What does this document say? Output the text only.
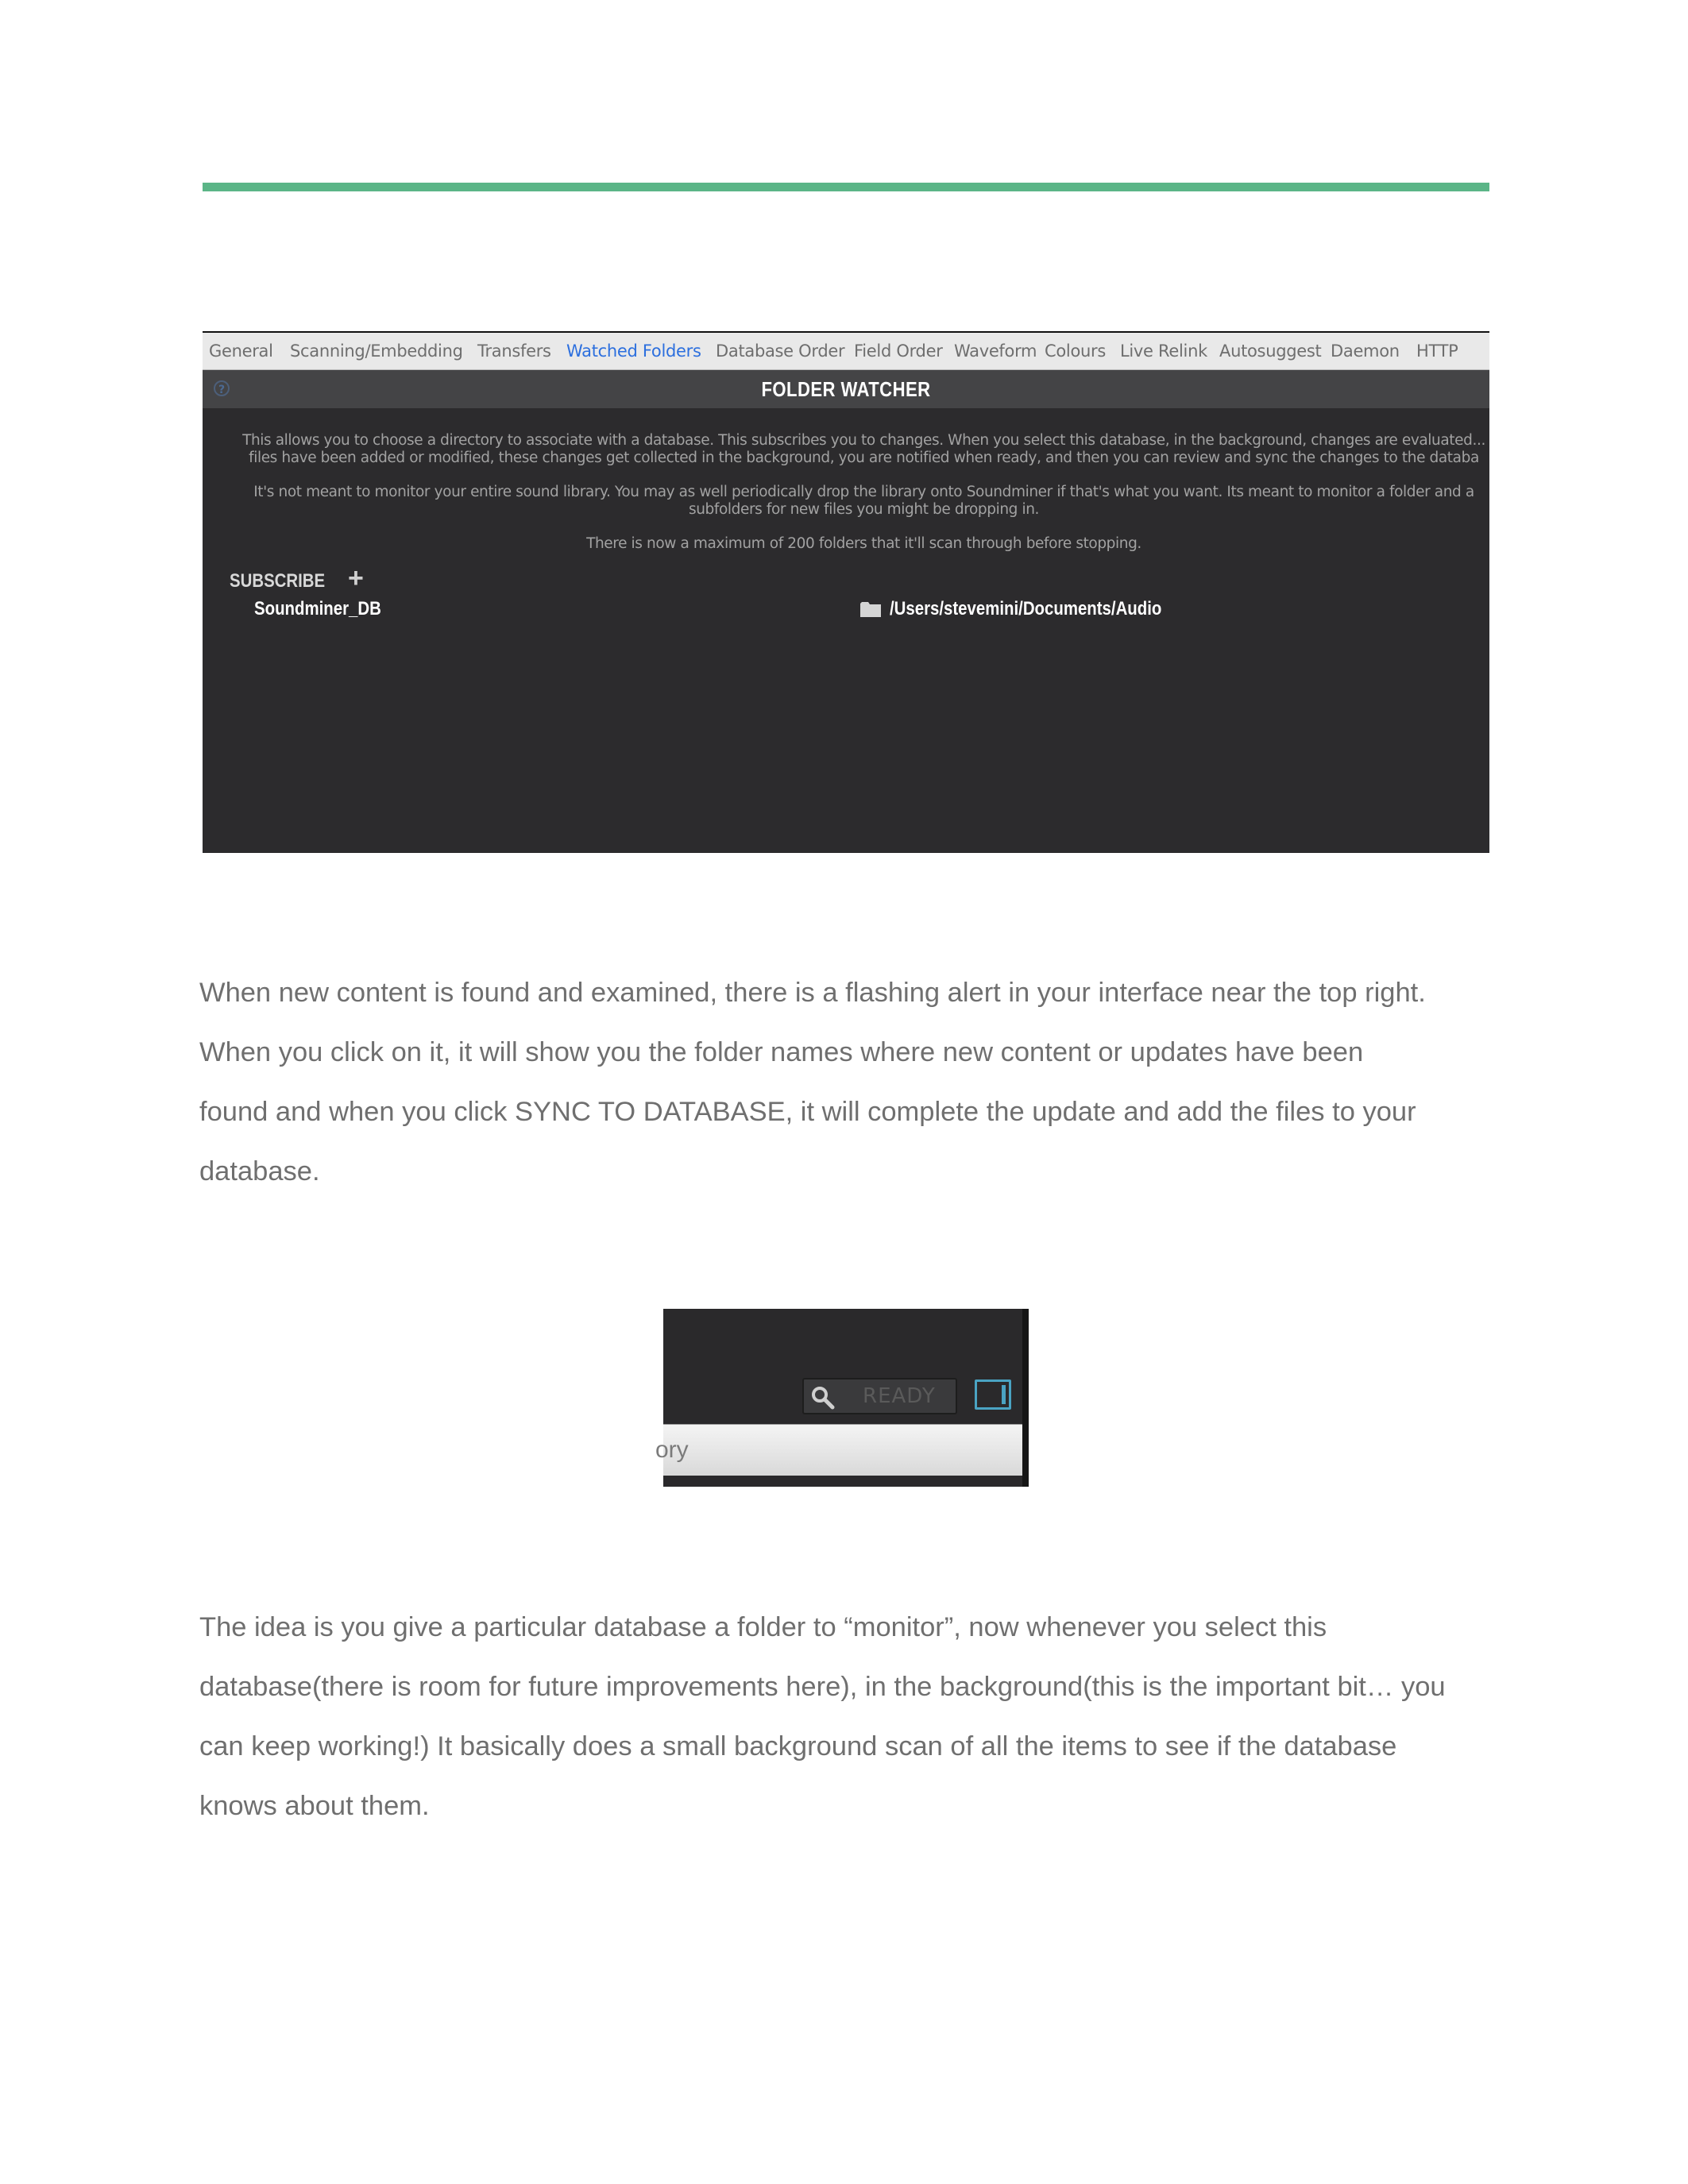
General Scanning/Embedding Transfers Watched Folders Database Order Field Order Waveform Colours Live Relink Autosuggest Daemon HTTP
?	FOLDER WATCHER
This allows you to choose a directory to associate with a database. This subscribes you to changes. When you select this database, in the background, changes are evaluated...
files have been added or modified, these changes get collected in the background, you are notified when ready, and then you can review and sync the changes to the databa
It's not meant to monitor your entire sound library. You may as well periodically drop the library onto Soundminer if that's what you want. Its meant to monitor a folder and a
subfolders for new files you might be dropping in.
There is now a maximum of 200 folders that it'll scan through before stopping.
SUBSCRIBE +
Soundminer_DB	/Users/stevemini/Documents/Audio
When new content is found and examined, there is a flashing alert in your interface near the top right.
When you click on it, it will show you the folder names where new content or updates have been
found and when you click SYNC TO DATABASE, it will complete the update and add the files to your
database.
READY
ory
The idea is you give a particular database a folder to “monitor”, now whenever you select this
database(there is room for future improvements here), in the background(this is the important bit… you
can keep working!) It basically does a small background scan of all the items to see if the database
knows about them.
